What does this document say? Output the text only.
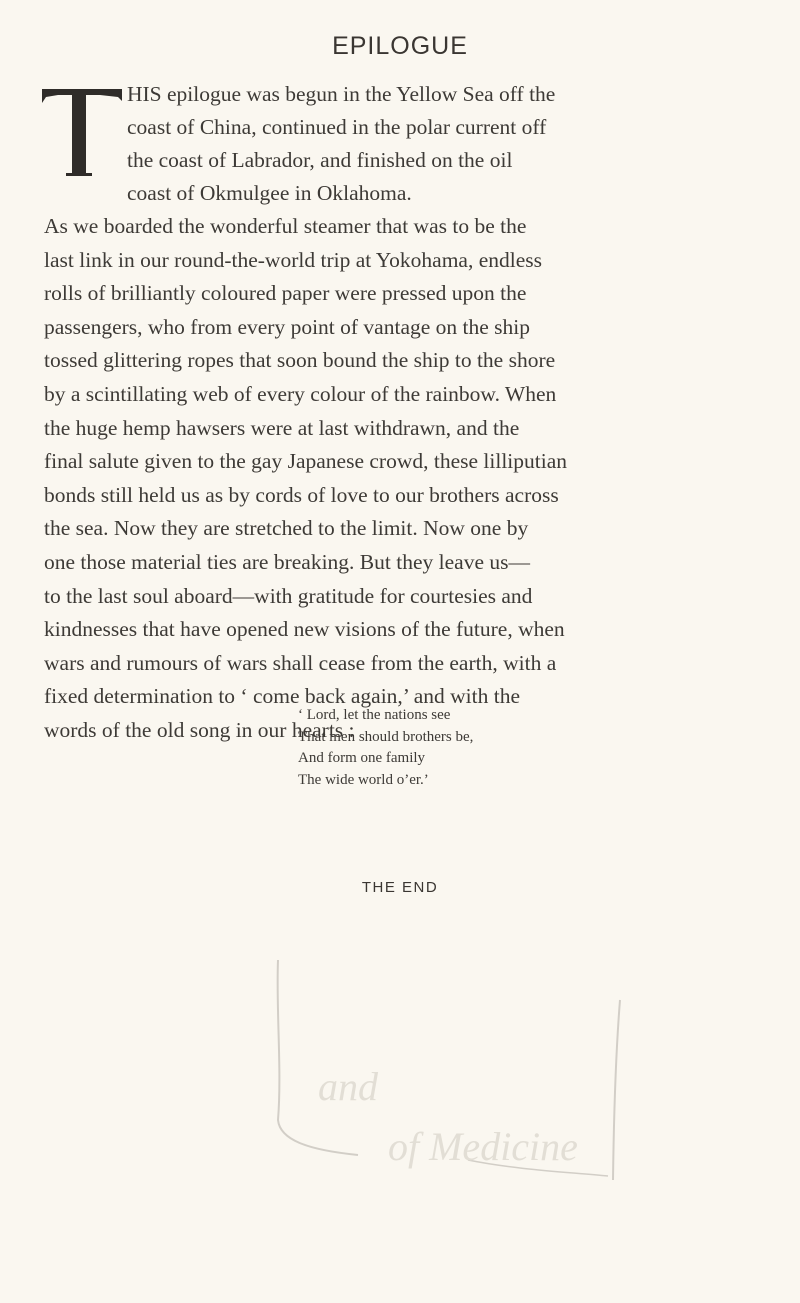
EPILOGUE
HIS epilogue was begun in the Yellow Sea off the
coast of China, continued in the polar current off
the coast of Labrador, and finished on the oil
coast of Okmulgee in Oklahoma.
As we boarded the wonderful steamer that was to be the
last link in our round-the-world trip at Yokohama, endless
rolls of brilliantly coloured paper were pressed upon the
passengers, who from every point of vantage on the ship
tossed glittering ropes that soon bound the ship to the shore
by a scintillating web of every colour of the rainbow. When
the huge hemp hawsers were at last withdrawn, and the
final salute given to the gay Japanese crowd, these lilliputian
bonds still held us as by cords of love to our brothers across
the sea. Now they are stretched to the limit. Now one by
one those material ties are breaking. But they leave us—
to the last soul aboard—with gratitude for courtesies and
kindnesses that have opened new visions of the future, when
wars and rumours of wars shall cease from the earth, with a
fixed determination to ‘ come back again,’ and with the
words of the old song in our hearts :
‘ Lord, let the nations see
That men should brothers be,
And form one family
The wide world o’er.’
THE END
and
of Medicine
